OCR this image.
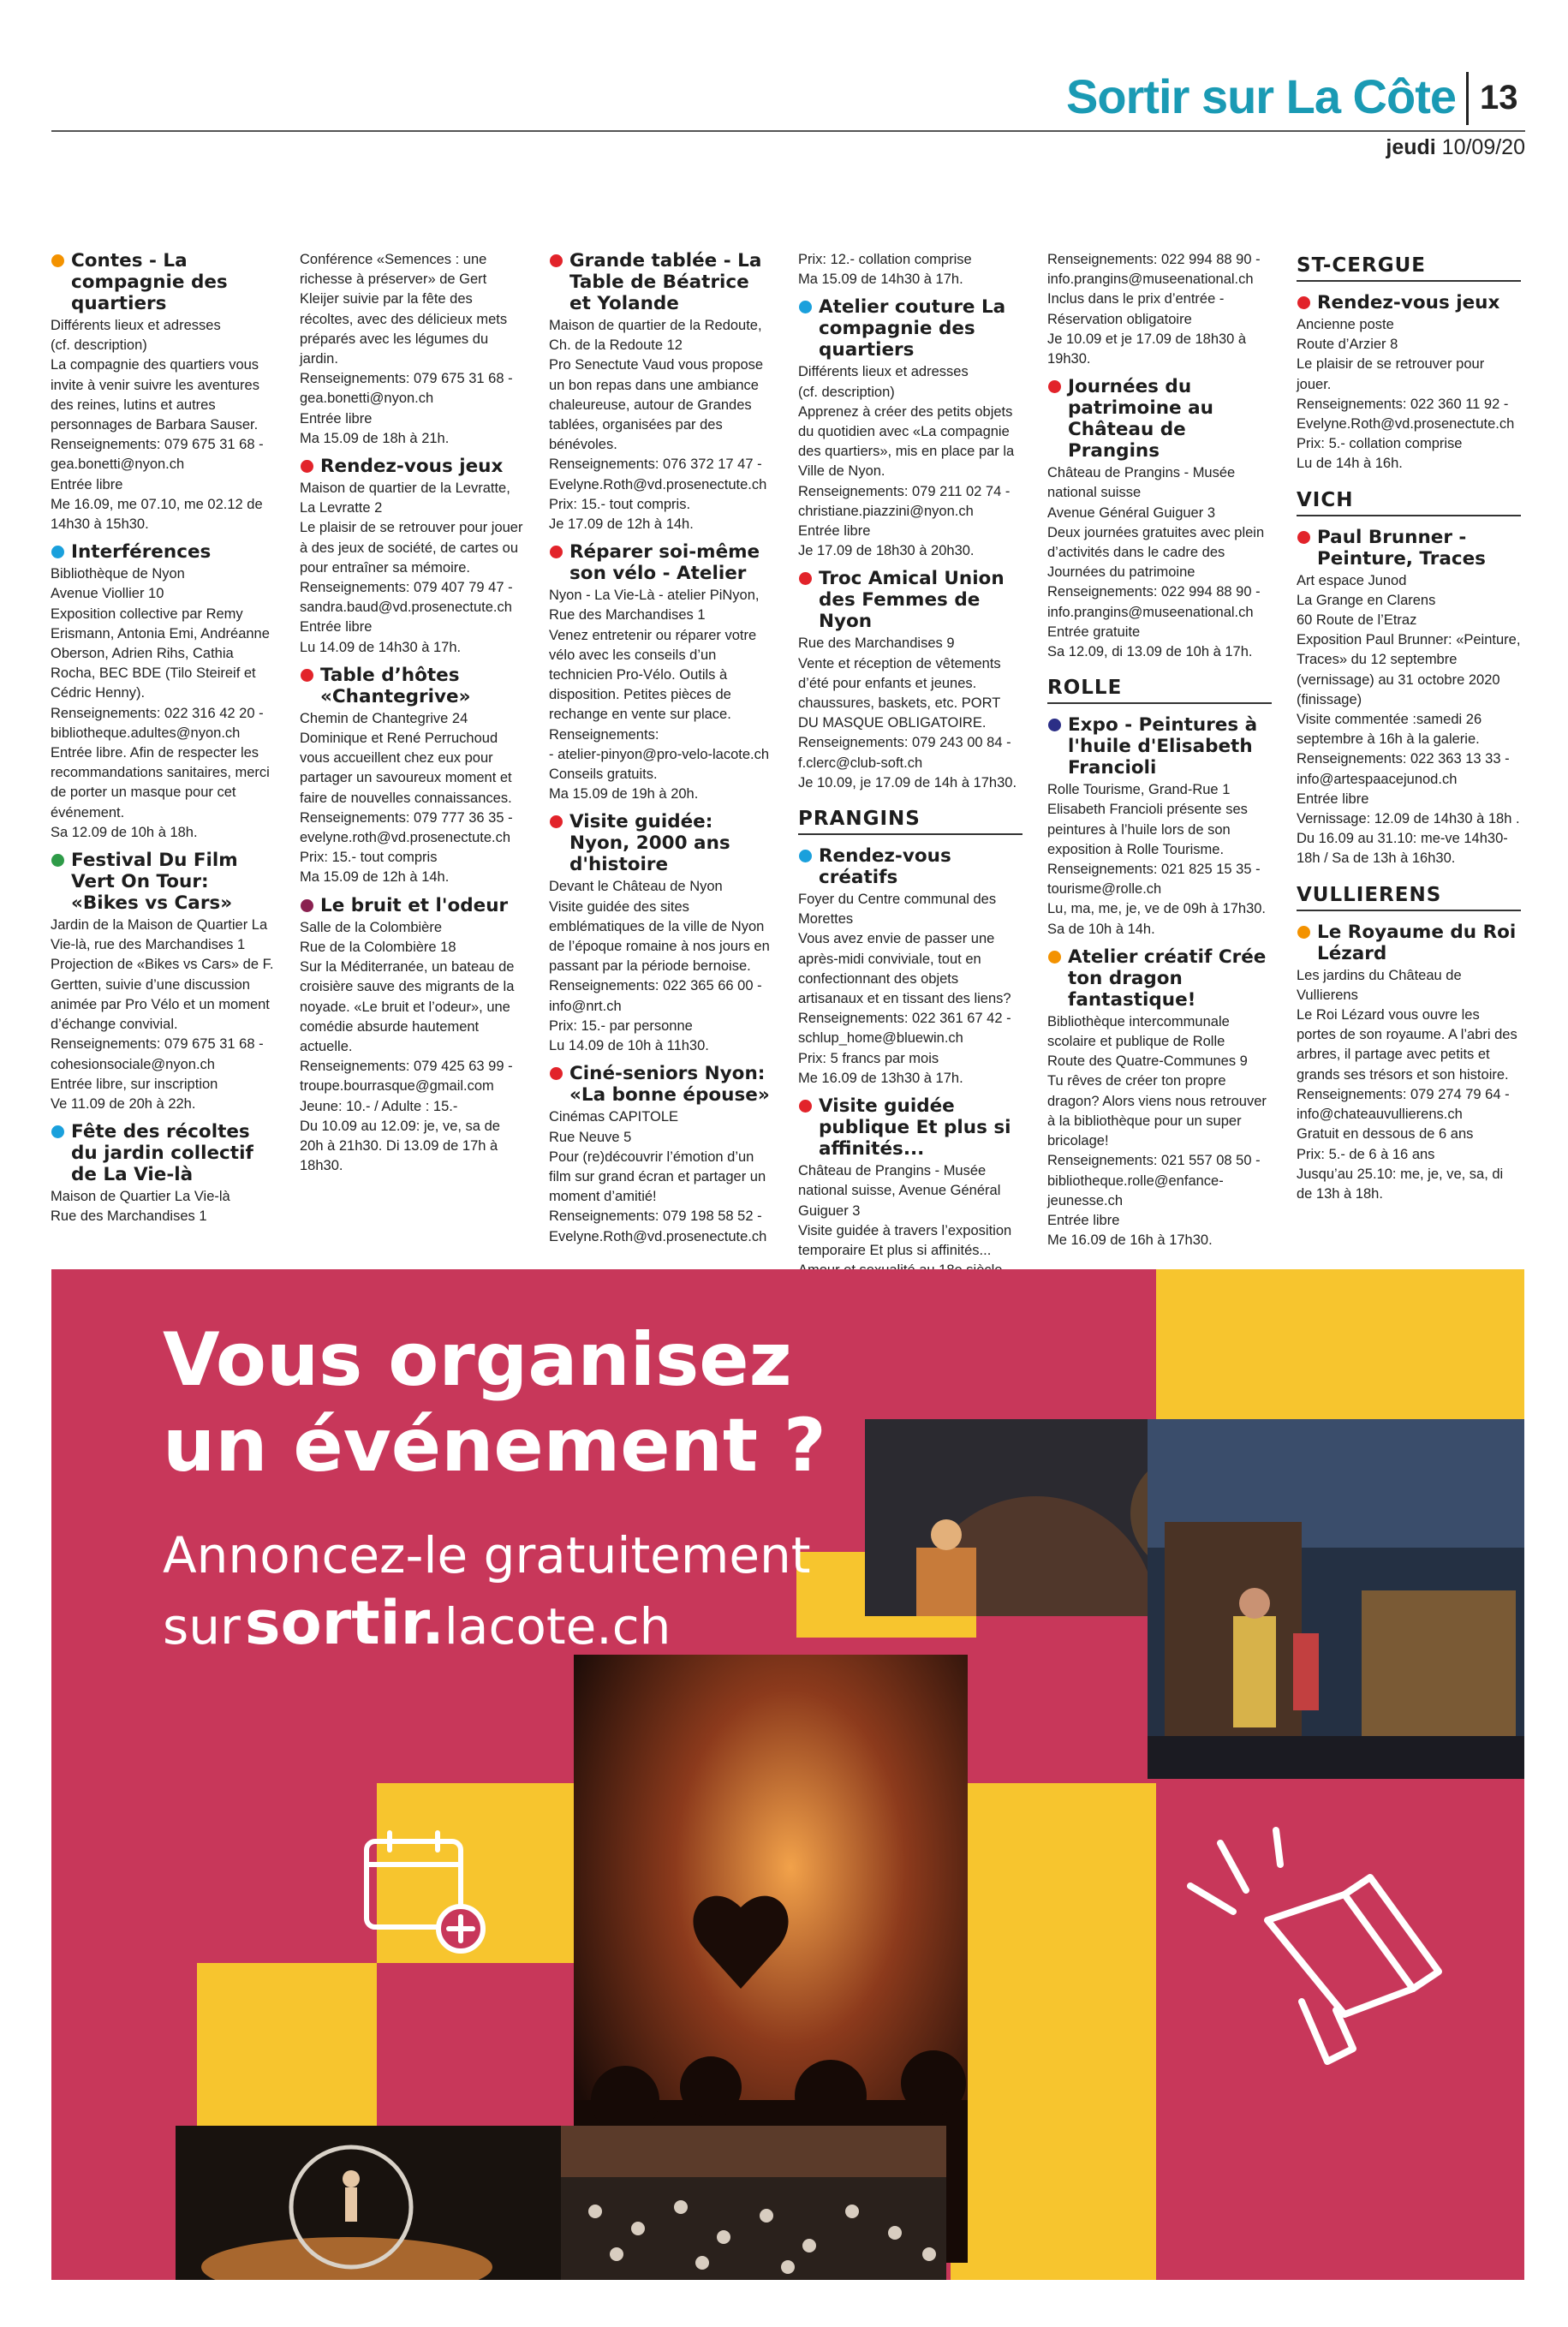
Sortir sur La Côte 13
jeudi 10/09/20
Contes - La compagnie des quartiers
Différents lieux et adresses
(cf. description)
La compagnie des quartiers vous invite à venir suivre les aventures des reines, lutins et autres personnages de Barbara Sauser.
Renseignements: 079 675 31 68 - gea.bonetti@nyon.ch
Entrée libre
Me 16.09, me 07.10, me 02.12 de 14h30 à 15h30.
Interférences
Bibliothèque de Nyon
Avenue Viollier 10
Exposition collective par Remy Erismann, Antonia Emi, Andréanne Oberson, Adrien Rihs, Cathia Rocha, BEC BDE (Tilo Steireif et Cédric Henny).
Renseignements: 022 316 42 20 - bibliotheque.adultes@nyon.ch
Entrée libre. Afin de respecter les recommandations sanitaires, merci de porter un masque pour cet événement.
Sa 12.09 de 10h à 18h.
Festival Du Film Vert On Tour: «Bikes vs Cars»
Jardin de la Maison de Quartier La Vie-là, rue des Marchandises 1
Projection de «Bikes vs Cars» de F. Gertten, suivie d’une discussion animée par Pro Vélo et un moment d’échange convivial.
Renseignements: 079 675 31 68 - cohesionsociale@nyon.ch
Entrée libre, sur inscription
Ve 11.09 de 20h à 22h.
Fête des récoltes du jardin collectif de La Vie-là
Maison de Quartier La Vie-là
Rue des Marchandises 1
Conférence «Semences : une richesse à préserver» de Gert Kleijer suivie par la fête des récoltes, avec des délicieux mets préparés avec les légumes du jardin.
Renseignements: 079 675 31 68 - gea.bonetti@nyon.ch
Entrée libre
Ma 15.09 de 18h à 21h.
Rendez-vous jeux
Maison de quartier de la Levratte, La Levratte 2
Le plaisir de se retrouver pour jouer à des jeux de société, de cartes ou pour entraîner sa mémoire.
Renseignements: 079 407 79 47 - sandra.baud@vd.prosenectute.ch
Entrée libre
Lu 14.09 de 14h30 à 17h.
Table d’hôtes «Chantegrive»
Chemin de Chantegrive 24
Dominique et René Perruchoud vous accueillent chez eux pour partager un savoureux moment et faire de nouvelles connaissances.
Renseignements: 079 777 36 35 - evelyne.roth@vd.prosenectute.ch
Prix: 15.- tout compris
Ma 15.09 de 12h à 14h.
Le bruit et l'odeur
Salle de la Colombière
Rue de la Colombière 18
Sur la Méditerranée, un bateau de croisière sauve des migrants de la noyade. «Le bruit et l’odeur», une comédie absurde hautement actuelle.
Renseignements: 079 425 63 99 - troupe.bourrasque@gmail.com
Jeune: 10.- / Adulte : 15.-
Du 10.09 au 12.09: je, ve, sa de 20h à 21h30. Di 13.09 de 17h à 18h30.
Grande tablée - La Table de Béatrice et Yolande
Maison de quartier de la Redoute, Ch. de la Redoute 12
Pro Senectute Vaud vous propose un bon repas dans une ambiance chaleureuse, autour de Grandes tablées, organisées par des bénévoles.
Renseignements: 076 372 17 47 - Evelyne.Roth@vd.prosenectute.ch
Prix: 15.- tout compris.
Je 17.09 de 12h à 14h.
Réparer soi-même son vélo - Atelier
Nyon - La Vie-Là - atelier PiNyon, Rue des Marchandises 1
Venez entretenir ou réparer votre vélo avec les conseils d’un technicien Pro-Vélo. Outils à disposition. Petites pièces de rechange en vente sur place.
Renseignements:
- atelier-pinyon@pro-velo-lacote.ch
Conseils gratuits.
Ma 15.09 de 19h à 20h.
Visite guidée: Nyon, 2000 ans d'histoire
Devant le Château de Nyon
Visite guidée des sites emblématiques de la ville de Nyon de l’époque romaine à nos jours en passant par la période bernoise.
Renseignements: 022 365 66 00 - info@nrt.ch
Prix: 15.- par personne
Lu 14.09 de 10h à 11h30.
Ciné-seniors Nyon: «La bonne épouse»
Cinémas CAPITOLE
Rue Neuve 5
Pour (re)découvrir l’émotion d’un film sur grand écran et partager un moment d’amitié!
Renseignements: 079 198 58 52 - Evelyne.Roth@vd.prosenectute.ch
Prix: 12.- collation comprise
Ma 15.09 de 14h30 à 17h.
Atelier couture La compagnie des quartiers
Différents lieux et adresses
(cf. description)
Apprenez à créer des petits objets du quotidien avec «La compagnie des quartiers», mis en place par la Ville de Nyon.
Renseignements: 079 211 02 74 - christiane.piazzini@nyon.ch
Entrée libre
Je 17.09 de 18h30 à 20h30.
Troc Amical Union des Femmes de Nyon
Rue des Marchandises 9
Vente et réception de vêtements d’été pour enfants et jeunes. chaussures, baskets, etc. PORT DU MASQUE OBLIGATOIRE.
Renseignements: 079 243 00 84 - f.clerc@club-soft.ch
Je 10.09, je 17.09 de 14h à 17h30.
PRANGINS
Rendez-vous créatifs
Foyer du Centre communal des Morettes
Vous avez envie de passer une après-midi conviviale, tout en confectionnant des objets artisanaux et en tissant des liens?
Renseignements: 022 361 67 42 - schlup_home@bluewin.ch
Prix: 5 francs par mois
Me 16.09 de 13h30 à 17h.
Visite guidée publique Et plus si affinités...
Château de Prangins - Musée national suisse, Avenue Général Guiguer 3
Visite guidée à travers l’exposition temporaire Et plus si affinités...

Renseignements: 022 994 88 90 - info.prangins@museenational.ch
Inclus dans le prix d’entrée - Réservation obligatoire
Je 10.09 et je 17.09 de 18h30 à 19h30.
Journées du patrimoine au Château de Prangins
Château de Prangins - Musée national suisse
Avenue Général Guiguer 3
Deux journées gratuites avec plein d’activités dans le cadre des Journées du patrimoine
Renseignements: 022 994 88 90 - info.prangins@museenational.ch
Entrée gratuite
Sa 12.09, di 13.09 de 10h à 17h.
ROLLE
Expo - Peintures à l'huile d'Elisabeth Francioli
Rolle Tourisme, Grand-Rue 1
Elisabeth Francioli présente ses peintures à l’huile lors de son exposition à Rolle Tourisme.
Renseignements: 021 825 15 35 - tourisme@rolle.ch
Lu, ma, me, je, ve de 09h à 17h30. Sa de 10h à 14h.
Atelier créatif Crée ton dragon fantastique!
Bibliothèque intercommunale scolaire et publique de Rolle
Route des Quatre-Communes 9
Tu rêves de créer ton propre dragon? Alors viens nous retrouver à la bibliothèque pour un super bricolage!
Renseignements: 021 557 08 50 - bibliotheque.rolle@enfance-jeunesse.ch
Entrée libre
Me 16.09 de 16h à 17h30.
ST-CERGUE
Rendez-vous jeux
Ancienne poste
Route d’Arzier 8
Le plaisir de se retrouver pour jouer.
Renseignements: 022 360 11 92 - Evelyne.Roth@vd.prosenectute.ch
Prix: 5.- collation comprise
Lu de 14h à 16h.
VICH
Paul Brunner - Peinture, Traces
Art espace Junod
La Grange en Clarens
60 Route de l’Etraz
Exposition Paul Brunner: «Peinture, Traces» du 12 septembre (vernissage) au 31 octobre 2020 (finissage)
Visite commentée :samedi 26 septembre à 16h à la galerie.
Renseignements: 022 363 13 33 - info@artespaacejunod.ch
Entrée libre
Vernissage: 12.09 de 14h30 à 18h . Du 16.09 au 31.10: me-ve 14h30-18h / Sa de 13h à 16h30.
VULLIERENS
Le Royaume du Roi Lézard
Les jardins du Château de Vullierens
Le Roi Lézard vous ouvre les portes de son royaume. A l’abri des arbres, il partage avec petits et grands ses trésors et son histoire.
Renseignements: 079 274 79 64 - info@chateauvullierens.ch
Gratuit en dessous de 6 ans
Prix: 5.- de 6 à 16 ans
Jusqu’au 25.10: me, je, ve, sa, di de 13h à 18h.
Vous organisez
un événement ?
Annoncez-le gratuitement
sur sortir.lacote.ch
